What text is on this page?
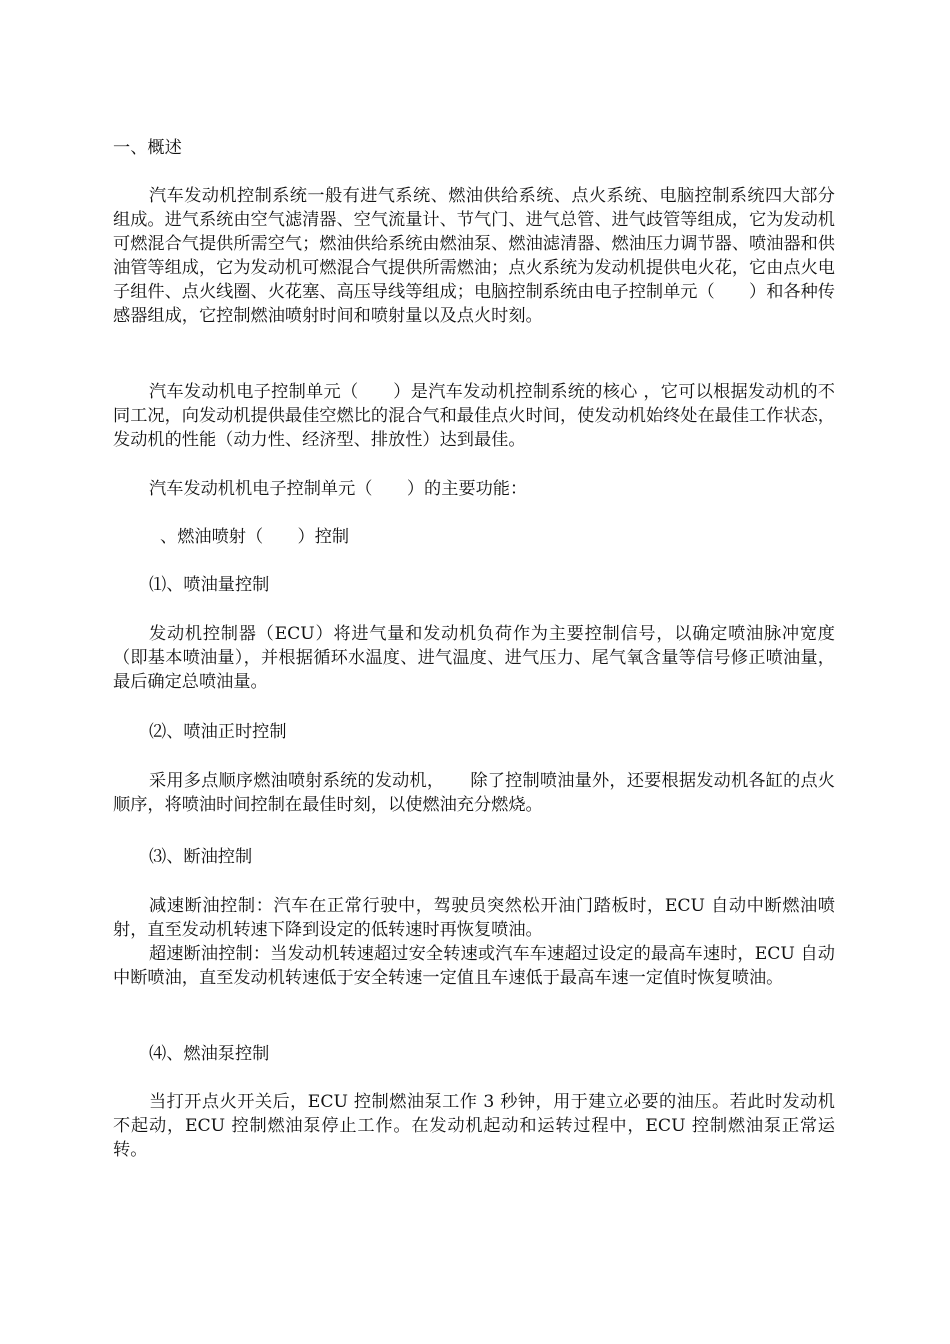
一、概述

汽车发动机控制系统一般有进气系统、燃油供给系统、点火系统、电脑控制系统四大部分组成。进气系统由空气滤清器、空气流量计、节气门、进气总管、进气歧管等组成，它为发动机可燃混合气提供所需空气；燃油供给系统由燃油泵、燃油滤清器、燃油压力调节器、喷油器和供油管等组成，它为发动机可燃混合气提供所需燃油；点火系统为发动机提供电火花，它由点火电子组件、点火线圈、火花塞、高压导线等组成；电脑控制系统由电子控制单元（　　）和各种传感器组成，它控制燃油喷射时间和喷射量以及点火时刻。

汽车发动机电子控制单元（　　）是汽车发动机控制系统的核心 ，它可以根据发动机的不同工况，向发动机提供最佳空燃比的混合气和最佳点火时间，使发动机始终处在最佳工作状态，发动机的性能（动力性、经济型、排放性）达到最佳。

汽车发动机机电子控制单元（　　）的主要功能：

、燃油喷射（　　）控制

⑴、喷油量控制

发动机控制器（ECU）将进气量和发动机负荷作为主要控制信号，以确定喷油脉冲宽度（即基本喷油量），并根据循环水温度、进气温度、进气压力、尾气氧含量等信号修正喷油量，最后确定总喷油量。

⑵、喷油正时控制

采用多点顺序燃油喷射系统的发动机，　　除了控制喷油量外，还要根据发动机各缸的点火顺序，将喷油时间控制在最佳时刻，以使燃油充分燃烧。

⑶、断油控制

减速断油控制：汽车在正常行驶中，驾驶员突然松开油门踏板时，ECU 自动中断燃油喷射，直至发动机转速下降到设定的低转速时再恢复喷油。

超速断油控制：当发动机转速超过安全转速或汽车车速超过设定的最高车速时，ECU 自动中断喷油，直至发动机转速低于安全转速一定值且车速低于最高车速一定值时恢复喷油。

⑷、燃油泵控制

当打开点火开关后，ECU 控制燃油泵工作 3 秒钟，用于建立必要的油压。若此时发动机不起动，ECU 控制燃油泵停止工作。在发动机起动和运转过程中，ECU 控制燃油泵正常运转。
